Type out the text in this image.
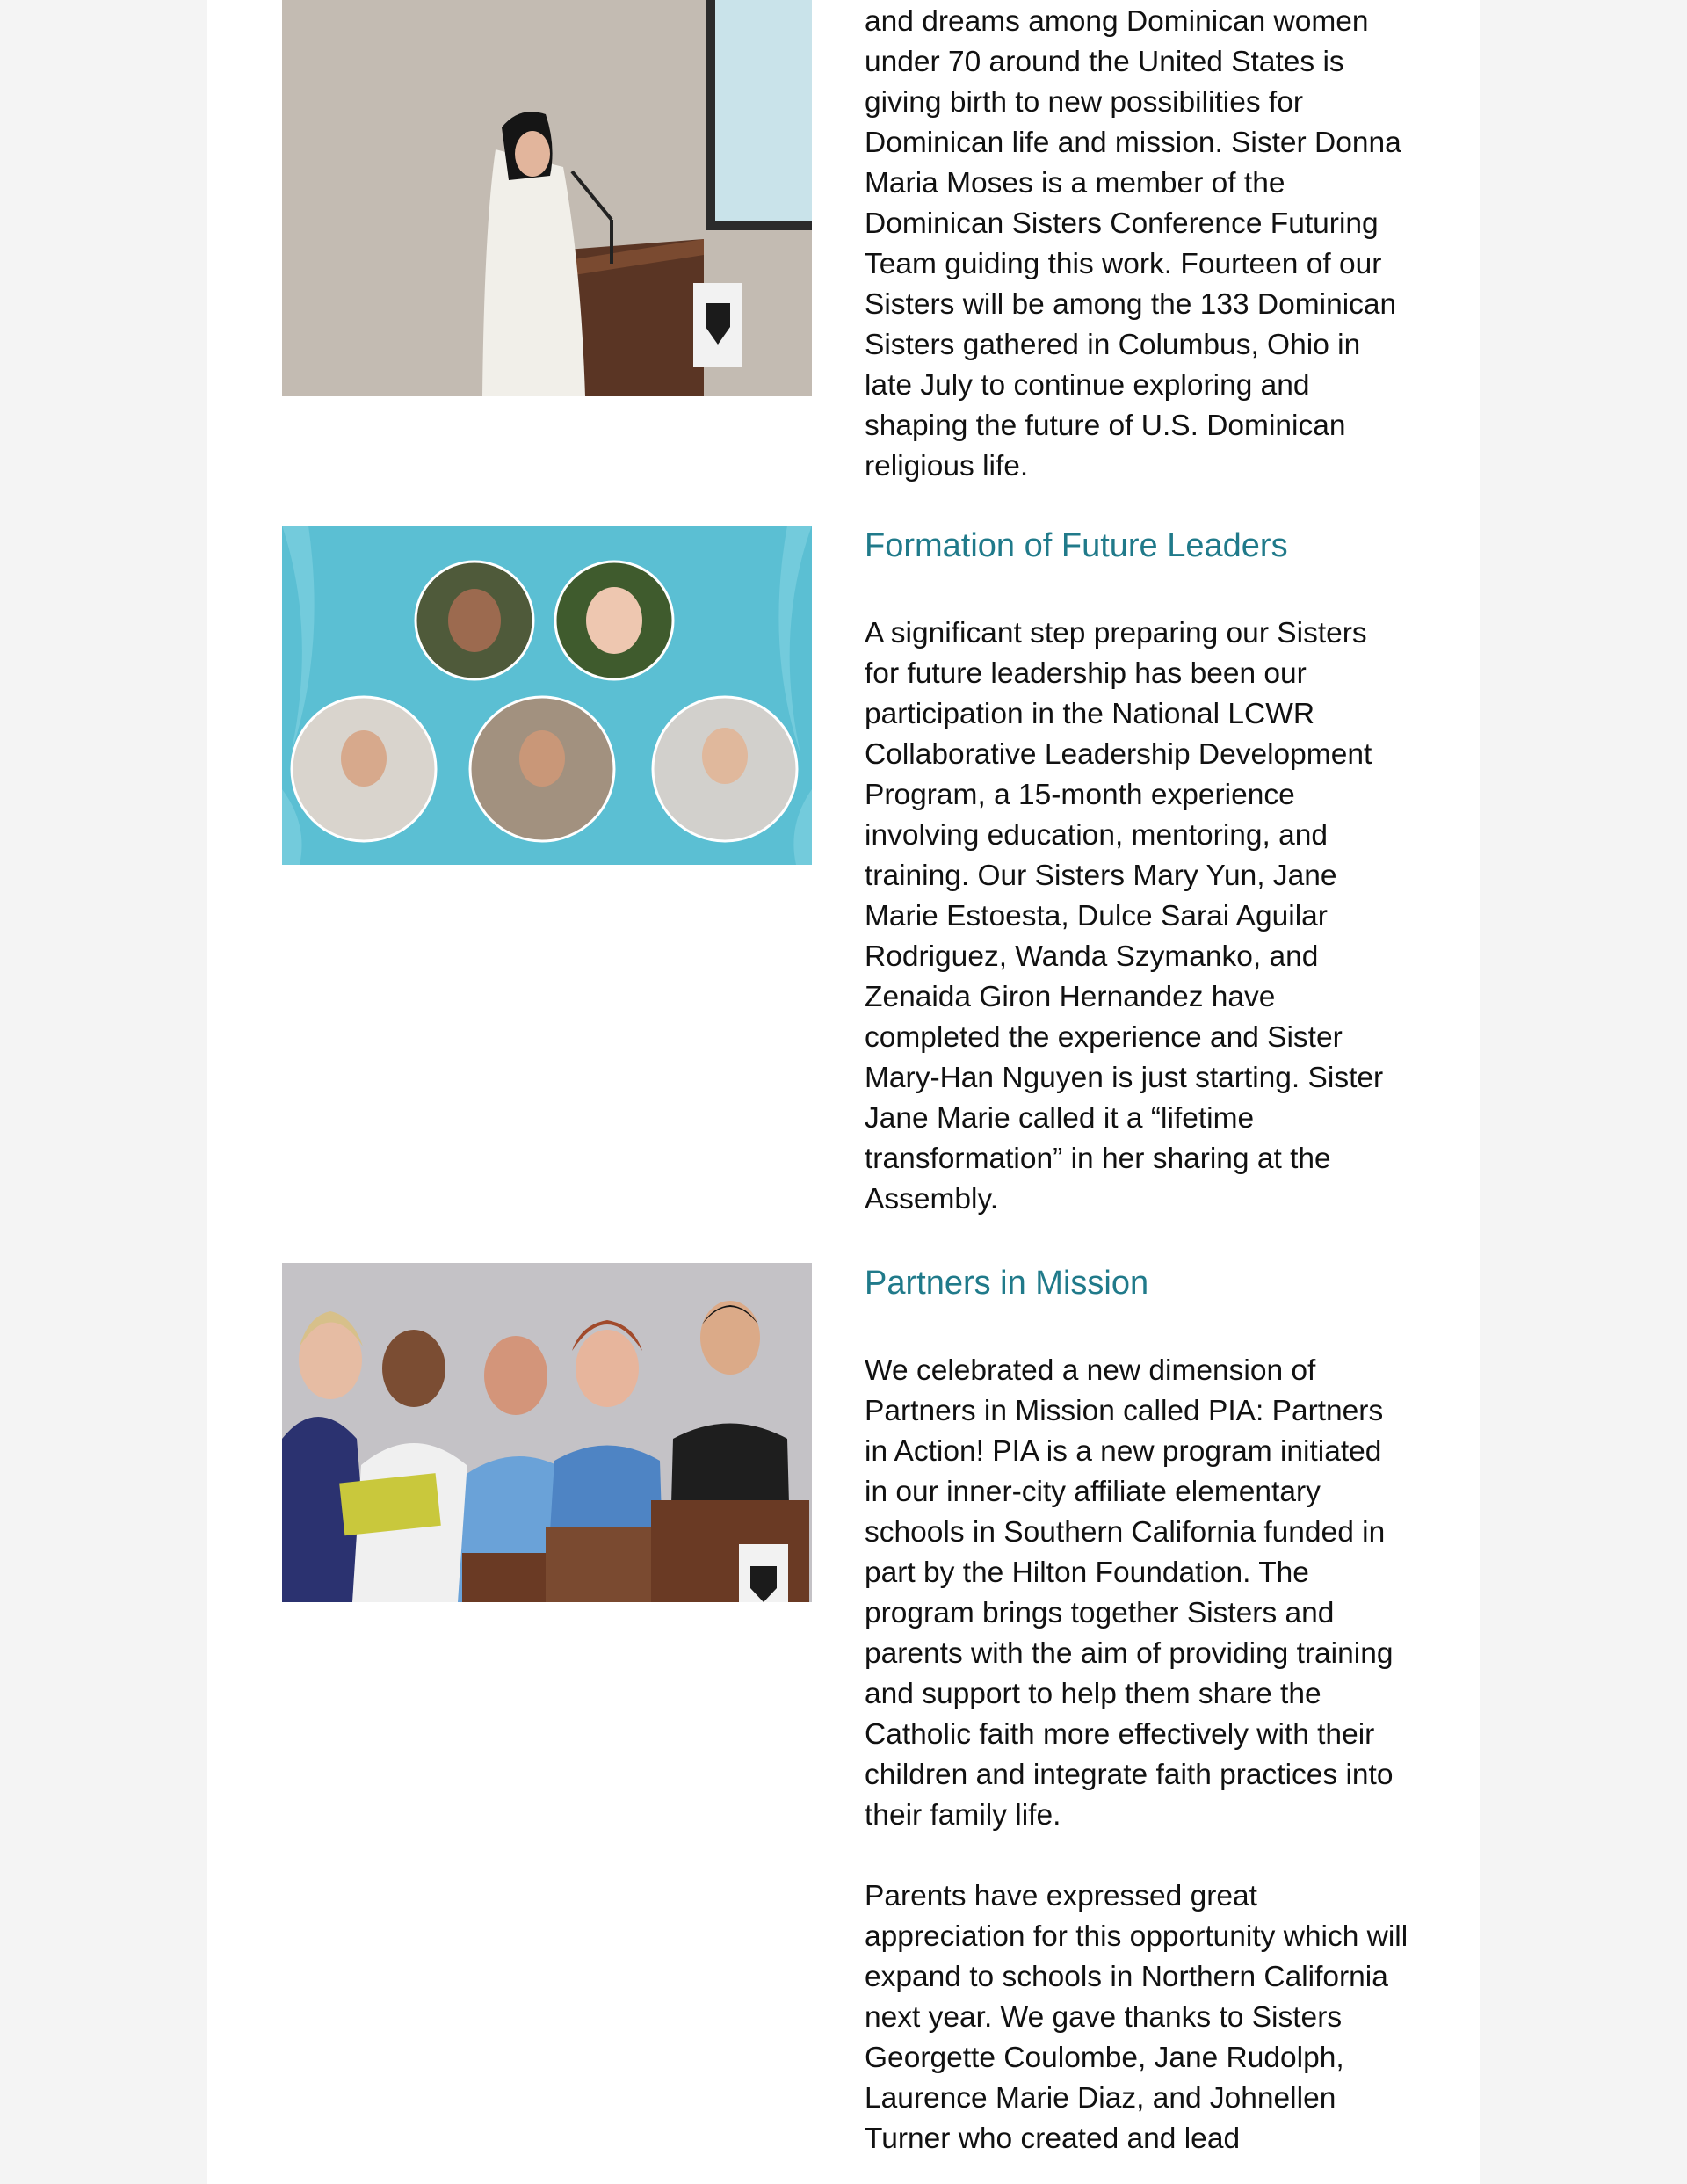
and dreams among Dominican women under 70 around the United States is giving birth to new possibilities for Dominican life and mission. Sister Donna Maria Moses is a member of the Dominican Sisters Conference Futuring Team guiding this work. Fourteen of our Sisters will be among the 133 Dominican Sisters gathered in Columbus, Ohio in late July to continue exploring and shaping the future of U.S. Dominican religious life.

Formation of Future Leaders

A significant step preparing our Sisters for future leadership has been our participation in the National LCWR Collaborative Leadership Development Program, a 15-month experience involving education, mentoring, and training. Our Sisters Mary Yun, Jane Marie Estoesta, Dulce Sarai Aguilar Rodriguez, Wanda Szymanko, and Zenaida Giron Hernandez have completed the experience and Sister Mary-Han Nguyen is just starting. Sister Jane Marie called it a “lifetime transformation” in her sharing at the Assembly.

Partners in Mission

We celebrated a new dimension of Partners in Mission called PIA: Partners in Action! PIA is a new program initiated in our inner-city affiliate elementary schools in Southern California funded in part by the Hilton Foundation. The program brings together Sisters and parents with the aim of providing training and support to help them share the Catholic faith more effectively with their children and integrate faith practices into their family life.

Parents have expressed great appreciation for this opportunity which will expand to schools in Northern California next year. We gave thanks to Sisters Georgette Coulombe, Jane Rudolph, Laurence Marie Diaz, and Johnellen Turner who created and lead
